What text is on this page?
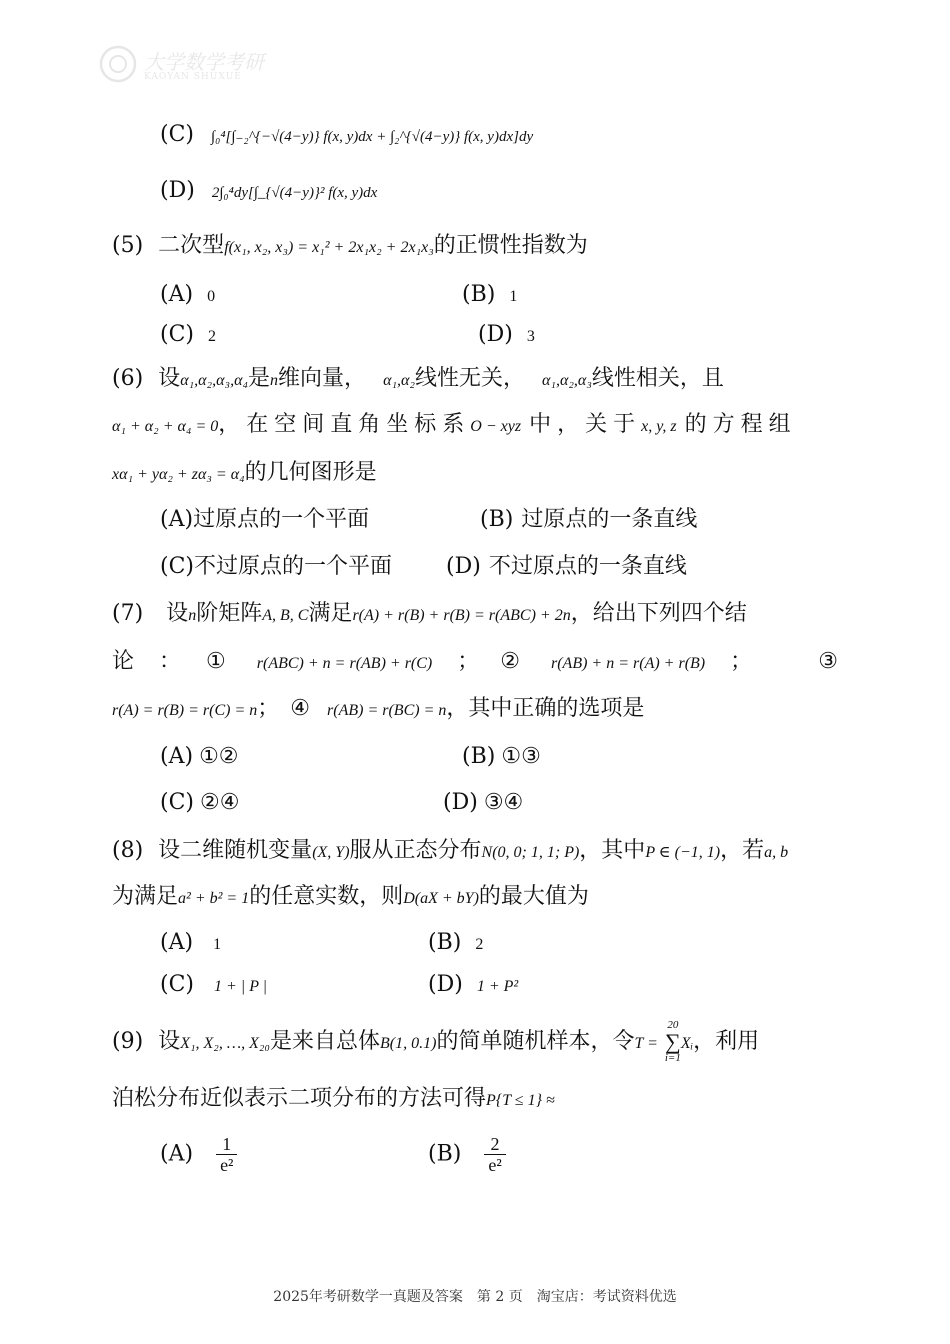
大学数学考研
KAOYAN SHUXUE
(C) ∫₀⁴[∫₋₂^{−√(4−y)} f(x, y)dx + ∫₂^{√(4−y)} f(x, y)dx]dy
(D) 2∫₀⁴dy[∫_{√(4−y)}² f(x, y)dx
(5) 二次型f(x₁, x₂, x₃) = x₁² + 2x₁x₂ + 2x₁x₃的正惯性指数为
(A) 0	(B) 1
(C) 2	(D) 3
(6) 设α₁,α₂,α₃,α₄是n维向量， α₁,α₂线性无关， α₁,α₂,α₃线性相关，且
α₁ + α₂ + α₄ = 0，在空间直角坐标系O − xyz 中，关于x, y, z 的方程组
xα₁ + yα₂ + zα₃ = α₄的几何图形是
(A)过原点的一个平面	(B) 过原点的一条直线
(C)不过原点的一个平面 (D) 不过原点的一条直线
(7) 设n阶矩阵A, B, C满足r(A) + r(B) + r(B) = r(ABC) + 2n，给出下列四个结
论 ： ① r(ABC) + n = r(AB) + r(C) ； ② r(AB) + n = r(A) + r(B) ；	③
r(A) = r(B) = r(C) = n； ④ r(AB) = r(BC) = n，其中正确的选项是
(A) ①②	(B) ①③
(C) ②④	(D) ③④
(8) 设二维随机变量(X, Y)服从正态分布N(0, 0; 1, 1; P)，其中P ∈ (−1, 1)，若a, b
为满足a² + b² = 1的任意实数，则D(aX + bY)的最大值为
(A) 1	(B) 2
(C) 1 + | P |	(D) 1 + P²
(9) 设X₁, X₂, …, X₂₀是来自总体B(1, 0.1)的简单随机样本，令T =
20
∑
i=1
Xᵢ，利用
泊松分布近似表示二项分布的方法可得P{T ≤ 1} ≈
$(A) \frac{1}{\text{e²}}$	$(B) \frac{2}{\text{e²}}$
2025年考研数学一真题及答案　第 2 页　淘宝店：考试资料优选
